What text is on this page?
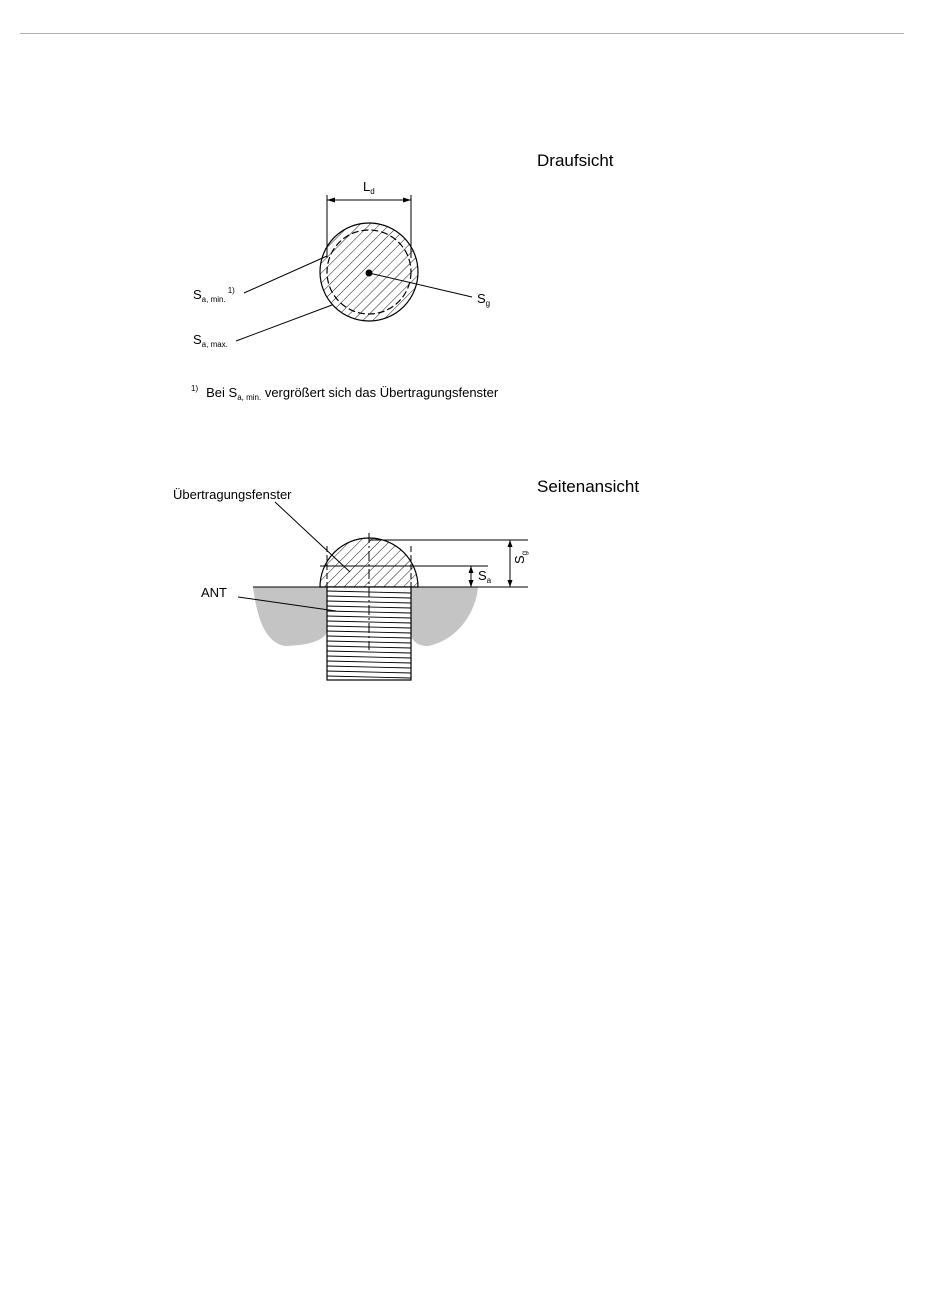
Draufsicht
$L_d$
$S_{a, min.}^{1)}$
$S_{a, max.}$
$S_g$
$^{1)}$ Bei $S_{a, min.}$ vergrößert sich das Übertragungsfenster
Seitenansicht
Übertragungsfenster
ANT
$S_a$
$S_g$
